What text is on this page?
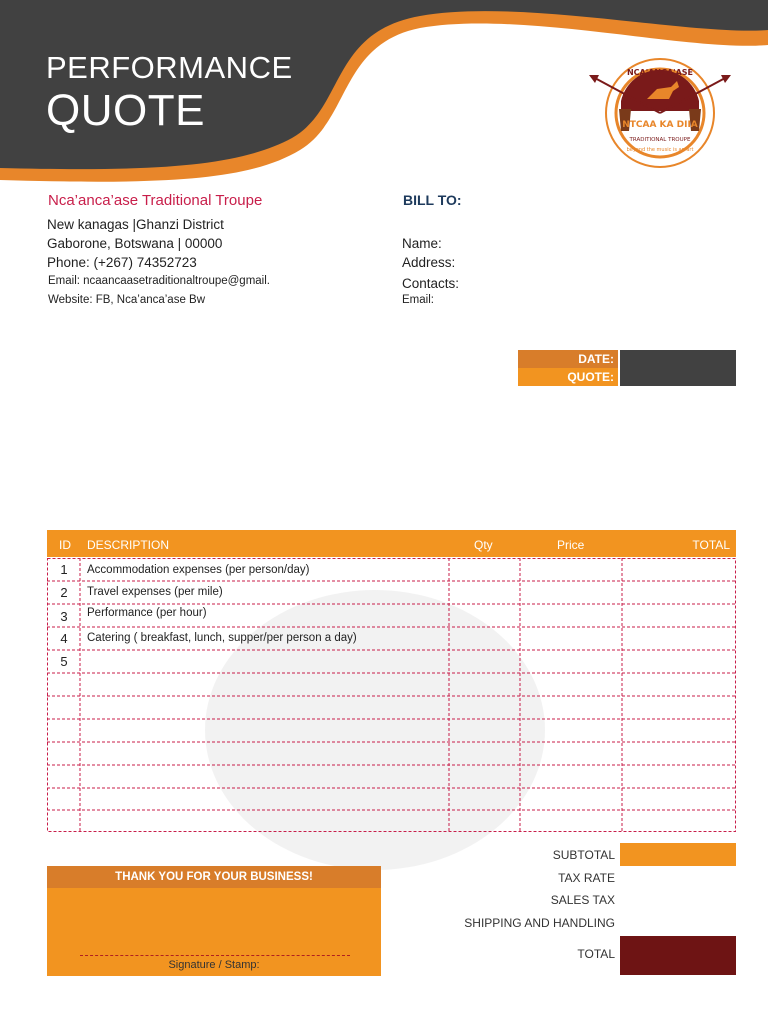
PERFORMANCE
QUOTE
NCA'ANCA'ASE
NTCAA KA DIIA
TRADITIONAL TROUPE
beyond the music is an art
Nca’anca’ase Traditional Troupe
New kanagas |Ghanzi District
Gaborone, Botswana | 00000
Phone: (+267) 74352723
Email: ncaancaasetraditionaltroupe@gmail.
Website: FB, Nca’anca’ase Bw
BILL TO:
Name:
Address:
Contacts:
Email:
DATE:
QUOTE:
ID DESCRIPTION	Qty	Price	TOTAL
1	Accommodation expenses (per person/day)
2	Travel expenses (per mile)
3	Performance (per hour)
4	Catering ( breakfast, lunch, supper/per person a day)
5
THANK YOU FOR YOUR BUSINESS!
Signature / Stamp:
SUBTOTAL
TAX RATE
SALES TAX
SHIPPING AND HANDLING
TOTAL
